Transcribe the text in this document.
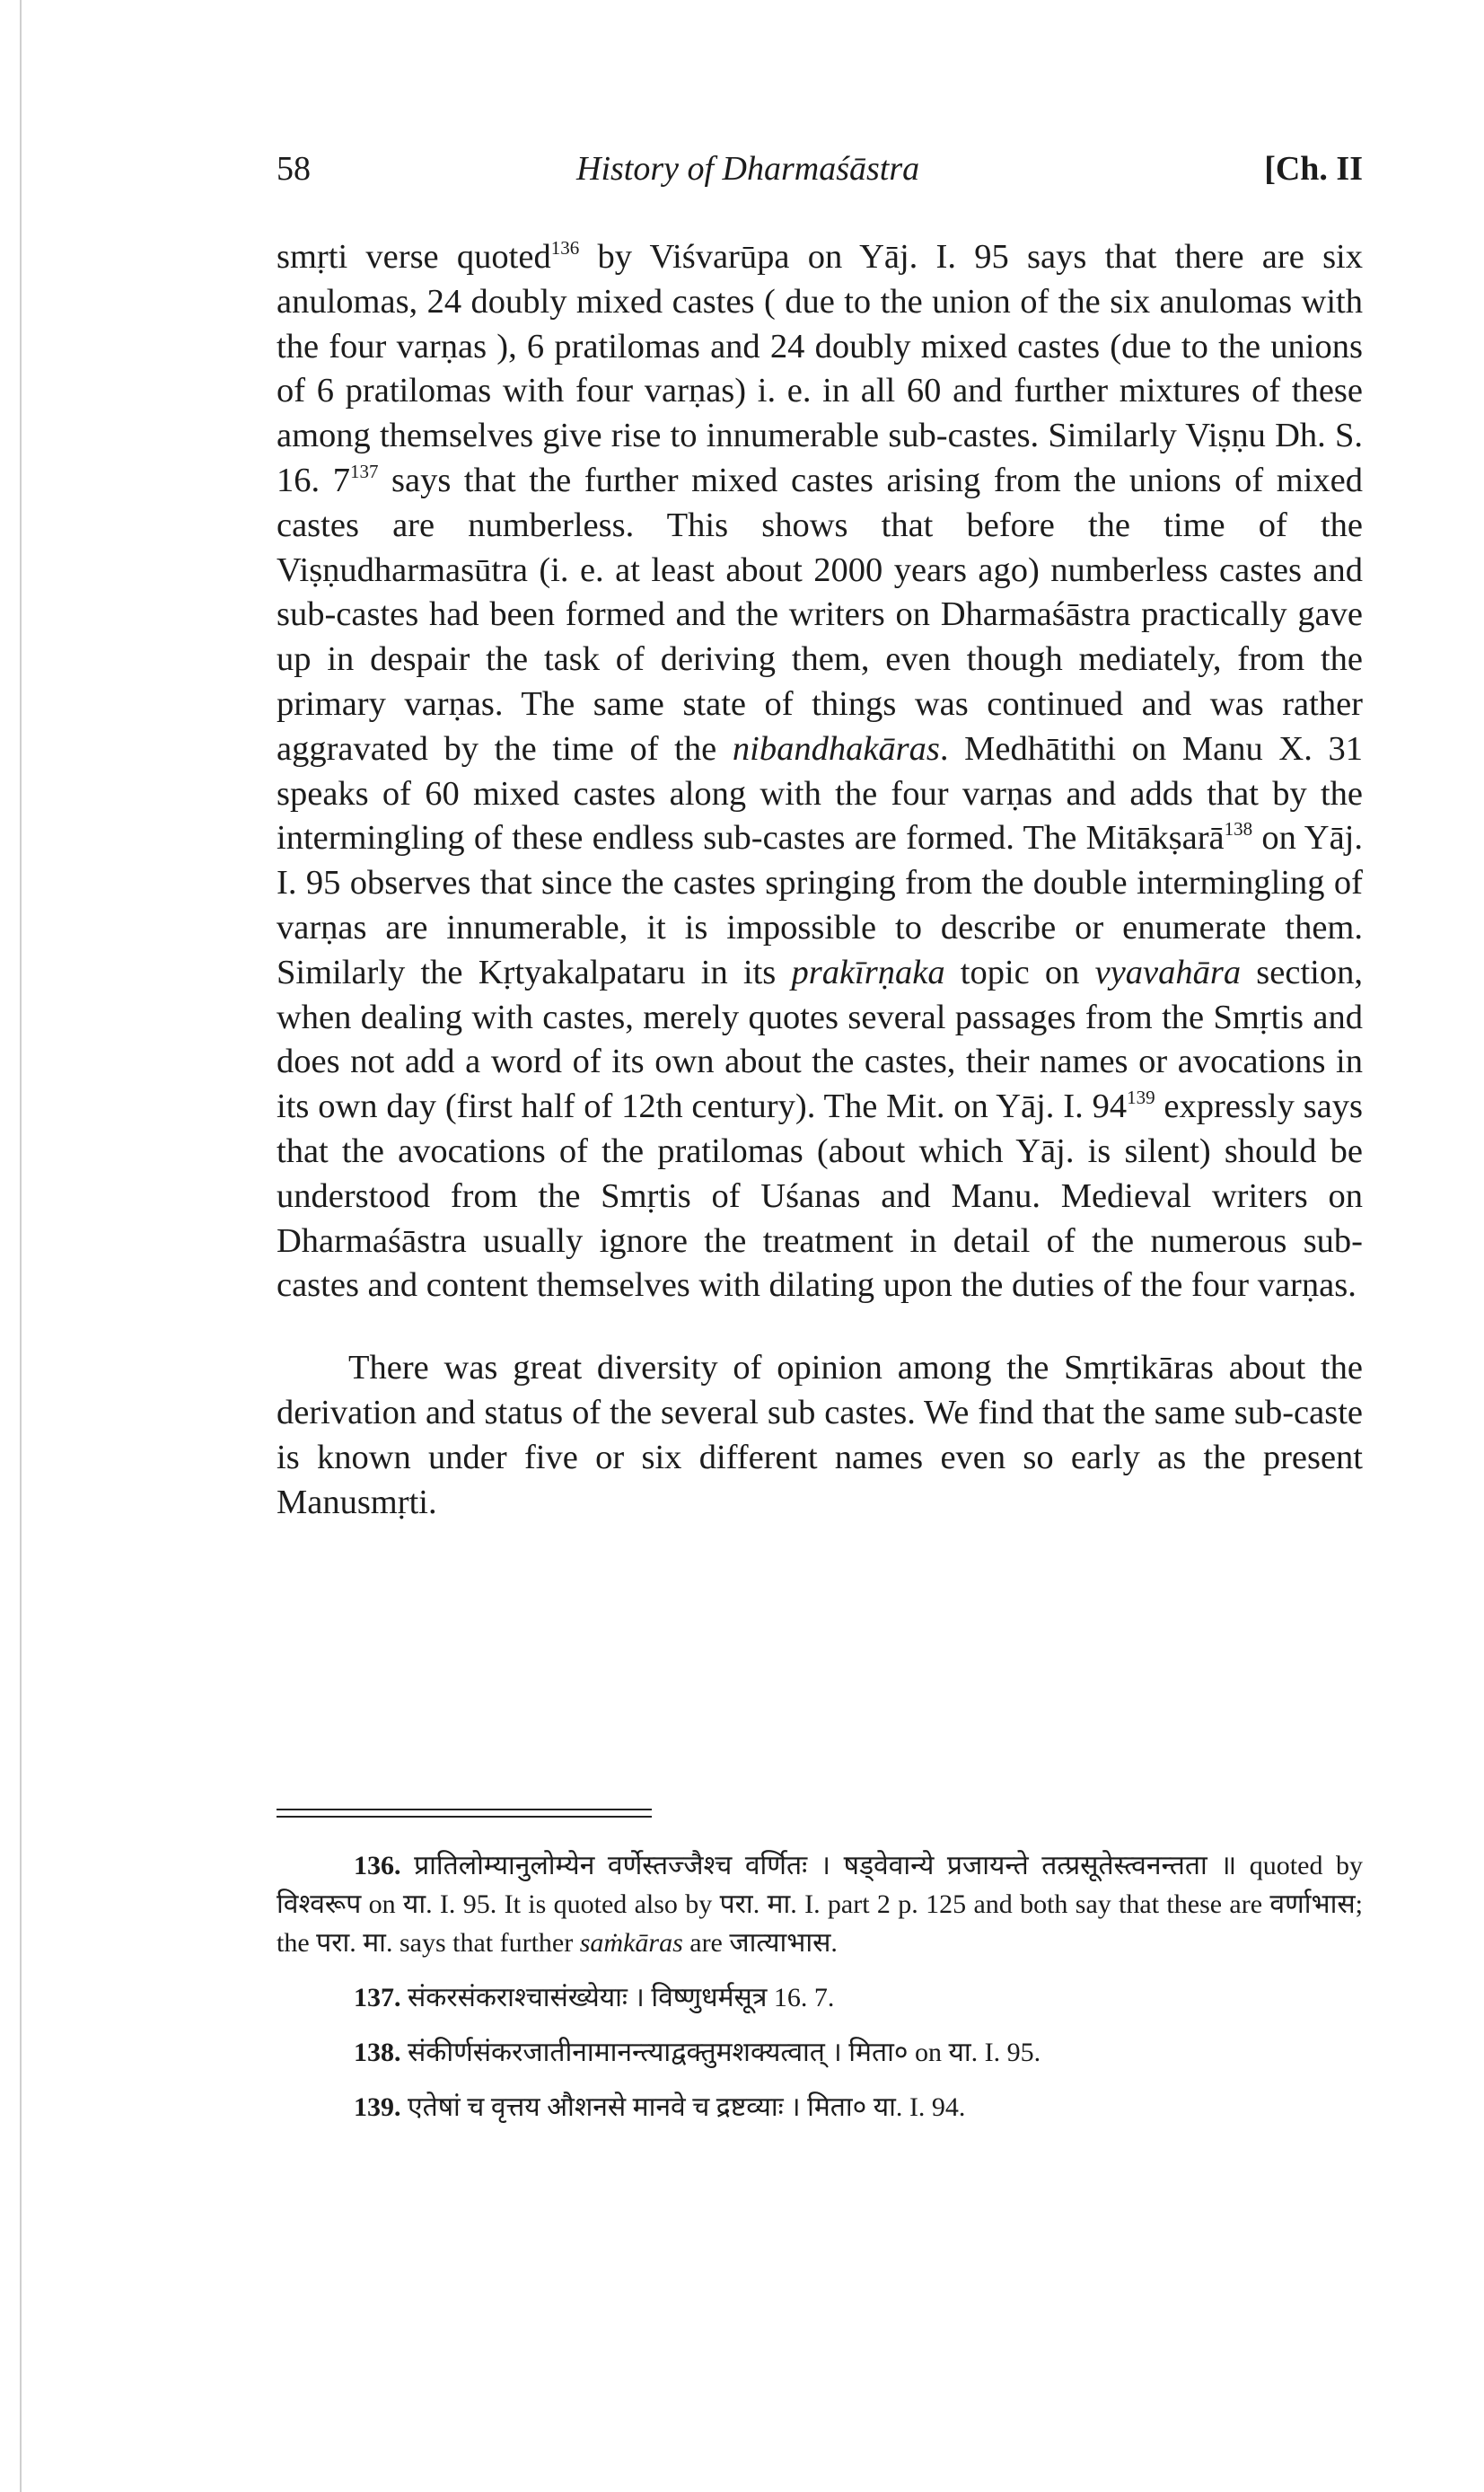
58	History of Dharmaśāstra	[Ch. II

smṛti verse quoted$^{136}$ by Viśvarūpa on Yāj. I. 95 says that there are six anulomas, 24 doubly mixed castes ( due to the union of the six anulomas with the four varṇas ), 6 pratilomas and 24 doubly mixed castes (due to the unions of 6 pratilomas with four varṇas) i. e. in all 60 and further mixtures of these among themselves give rise to innumerable sub-castes. Similarly Viṣṇu Dh. S. 16. $7^{137}$ says that the further mixed castes arising from the unions of mixed castes are numberless. This shows that before the time of the Viṣṇudharmasūtra (i. e. at least about 2000 years ago) numberless castes and sub-castes had been formed and the writers on Dharmaśāstra practically gave up in despair the task of deriving them, even though mediately, from the primary varṇas. The same state of things was continued and was rather aggravated by the time of the nibandhakāras. Medhātithi on Manu X. 31 speaks of 60 mixed castes along with the four varṇas and adds that by the intermingling of these endless sub-castes are formed. The Mitākṣarā$^{138}$ on Yāj. I. 95 observes that since the castes springing from the double intermingling of varṇas are innumerable, it is impossible to describe or enumerate them. Similarly the Kṛtyakalpataru in its prakīrṇaka topic on vyavahāra section, when dealing with castes, merely quotes several passages from the Smṛtis and does not add a word of its own about the castes, their names or avocations in its own day (first half of 12th century). The Mit. on Yāj. I. $94^{139}$ expressly says that the avocations of the pratilomas (about which Yāj. is silent) should be understood from the Smṛtis of Uśanas and Manu. Medieval writers on Dharmaśāstra usually ignore the treatment in detail of the numerous sub-castes and content themselves with dilating upon the duties of the four varṇas.

There was great diversity of opinion among the Smṛtikāras about the derivation and status of the several sub castes. We find that the same sub-caste is known under five or six different names even so early as the present Manusmṛti.

136. प्रातिलोम्यानुलोम्येन वर्णेस्तज्जैश्च वर्णितः । षड्वेवान्ये प्रजायन्ते तत्प्रसूतेस्त्वनन्तता ॥ quoted by विश्वरूप on या. I. 95. It is quoted also by परा. मा. I. part 2 p. 125 and both say that these are वर्णाभास; the परा. मा. says that further saṁkāras are जात्याभास.

137. संकरसंकराश्चासंख्येयाः । विष्णुधर्मसूत्र 16. 7.

138. संकीर्णसंकरजातीनामानन्त्याद्वक्तुमशक्यत्वात् । मिता० on या. I. 95.

139. एतेषां च वृत्तय औशनसे मानवे च द्रष्टव्याः । मिता० या. I. 94.
